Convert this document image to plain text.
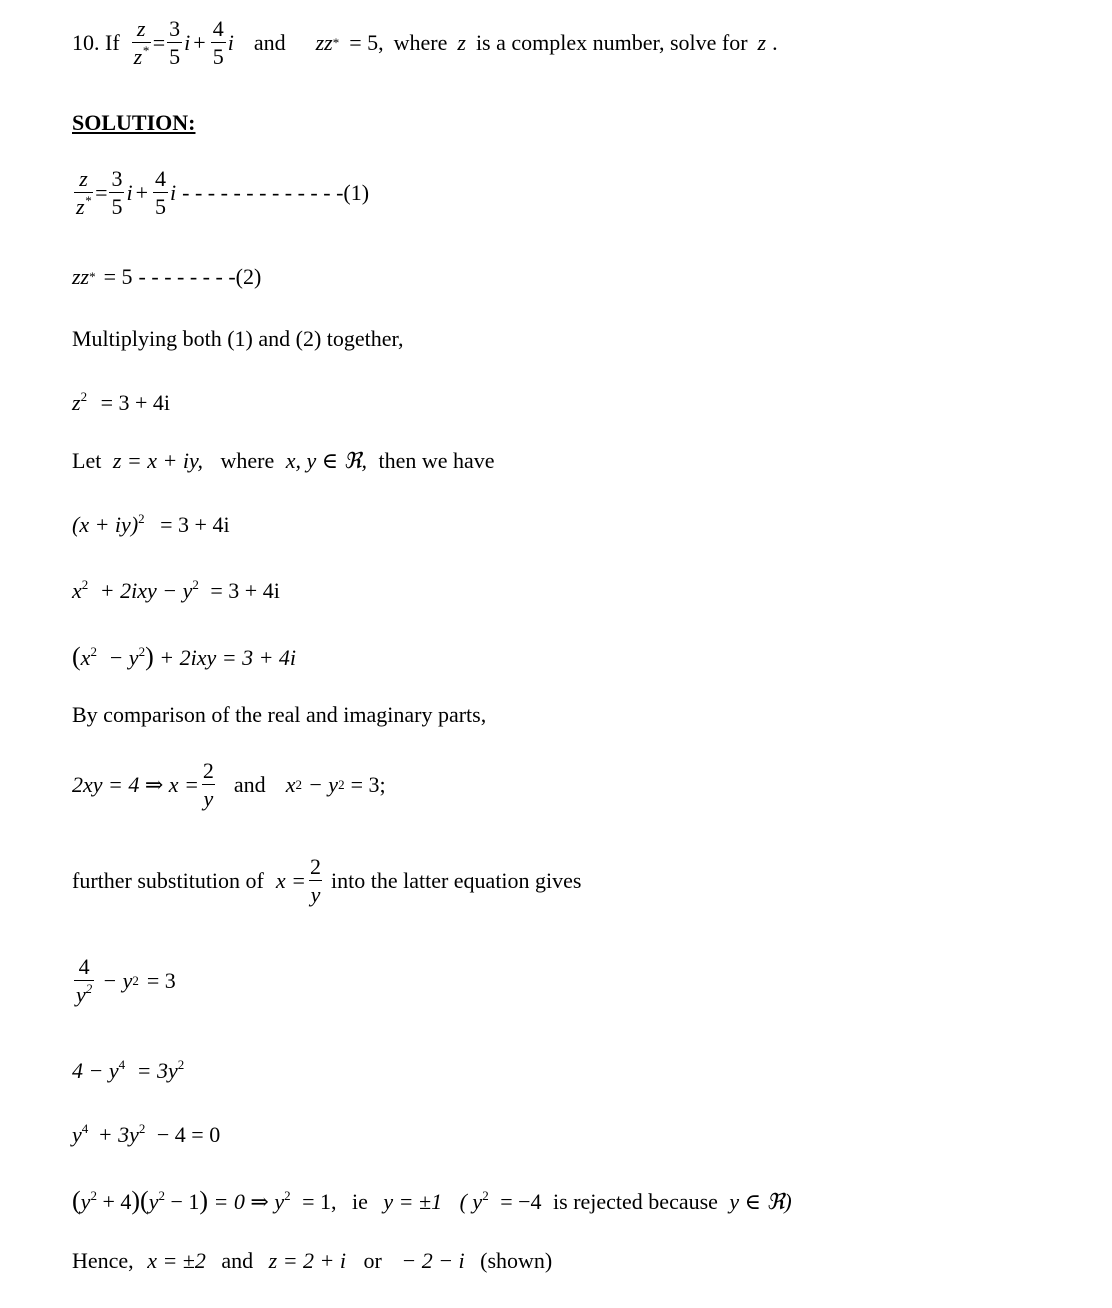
10. If $\frac{z}{z^*} = \frac{3}{5}$ $i + \frac{4}{5}$ i and zz * = 5, where z is a complex number, solve for z .
SOLUTION:
$\frac{z}{z^*} = \frac{3}{5}$ $i + \frac{4}{5}$ i - - - - - - - - - - - - - (1)
zz * = 5 - - - - - - - - (2)
Multiplying both (1) and (2) together,
$z^2 = 3 + 4i$
Let z = x + iy, where x, y ∈ ℜ, then we have
(x + iy)$^2$ = 3 + 4i
$x^2 + 2ixy - y^2 = 3 + 4i$
$(x^2 - y^2) + 2ixy = 3 + 4i$
By comparison of the real and imaginary parts,
2xy = 4 ⇒ $x = \frac{2}{y}$ and x 2 − y 2 = 3;
further substitution of $x = \frac{2}{y}$ into the latter equation gives
$\frac{4}{y^2} - y$ 2 = 3
$4 - y^4 = 3y^2$
$y^4 + 3y^2 - 4 = 0$
$(y^2 + 4)(y^2 - 1) = 0$ ⇒ $y^2 = 1$, ie y = ±1 ( $y^2 = -4$ is rejected because y ∈ ℜ)
Hence, x = ±2 and z = 2 + i or − 2 − i (shown)
